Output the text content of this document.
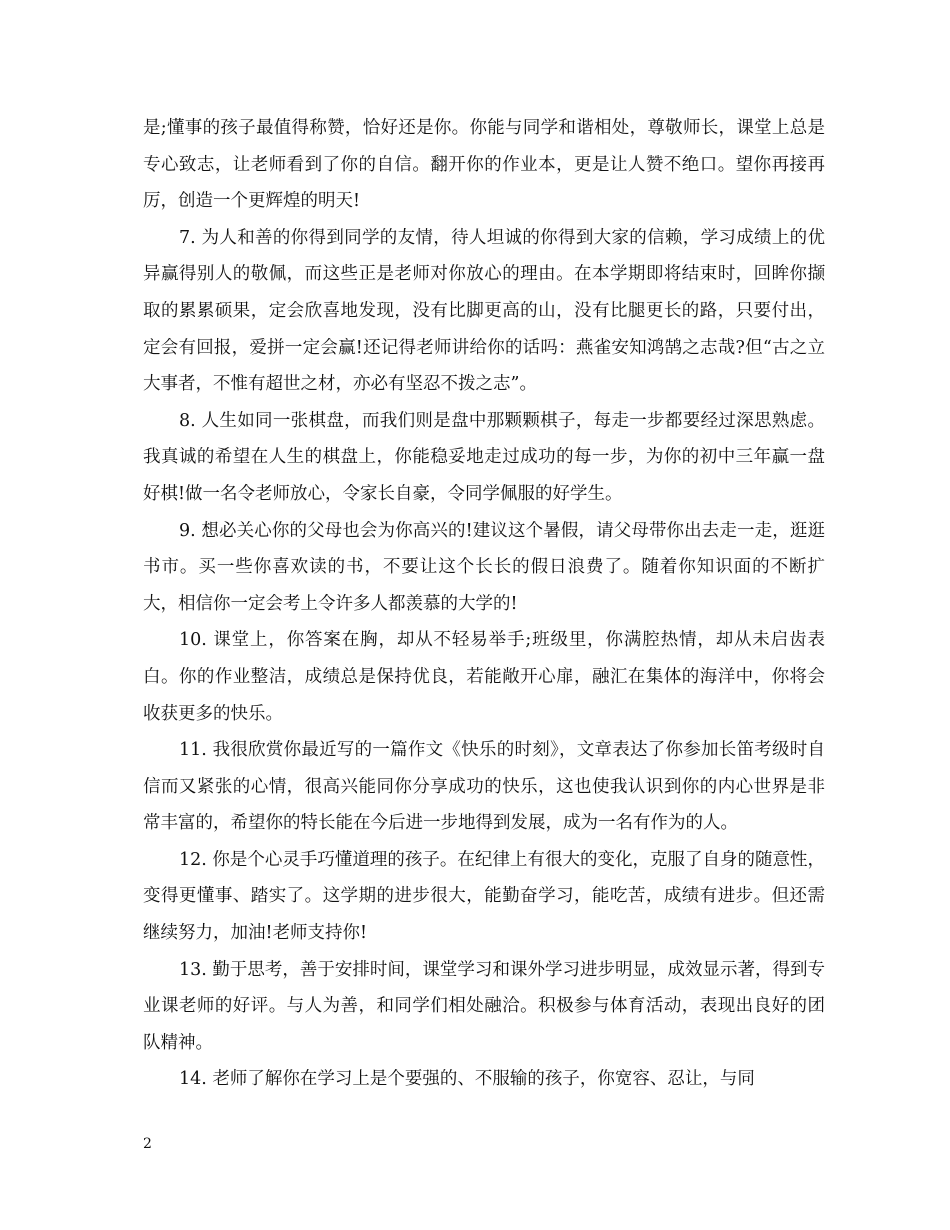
是;懂事的孩子最值得称赞，恰好还是你。你能与同学和谐相处，尊敬师长，课堂上总是专心致志，让老师看到了你的自信。翻开你的作业本，更是让人赞不绝口。望你再接再厉，创造一个更辉煌的明天!

7. 为人和善的你得到同学的友情，待人坦诚的你得到大家的信赖，学习成绩上的优异赢得别人的敬佩，而这些正是老师对你放心的理由。在本学期即将结束时，回眸你撷取的累累硕果，定会欣喜地发现，没有比脚更高的山，没有比腿更长的路，只要付出，定会有回报，爱拼一定会赢!还记得老师讲给你的话吗：燕雀安知鸿鹄之志哉?但“古之立大事者，不惟有超世之材，亦必有坚忍不拨之志”。

8. 人生如同一张棋盘，而我们则是盘中那颗颗棋子，每走一步都要经过深思熟虑。我真诚的希望在人生的棋盘上，你能稳妥地走过成功的每一步，为你的初中三年赢一盘好棋!做一名令老师放心，令家长自豪，令同学佩服的好学生。

9. 想必关心你的父母也会为你高兴的!建议这个暑假，请父母带你出去走一走，逛逛书市。买一些你喜欢读的书，不要让这个长长的假日浪费了。随着你知识面的不断扩大，相信你一定会考上令许多人都羡慕的大学的!

10. 课堂上，你答案在胸，却从不轻易举手;班级里，你满腔热情，却从未启齿表白。你的作业整洁，成绩总是保持优良，若能敞开心扉，融汇在集体的海洋中，你将会收获更多的快乐。

11. 我很欣赏你最近写的一篇作文《快乐的时刻》，文章表达了你参加长笛考级时自信而又紧张的心情，很高兴能同你分享成功的快乐，这也使我认识到你的内心世界是非常丰富的，希望你的特长能在今后进一步地得到发展，成为一名有作为的人。

12. 你是个心灵手巧懂道理的孩子。在纪律上有很大的变化，克服了自身的随意性，变得更懂事、踏实了。这学期的进步很大，能勤奋学习，能吃苦，成绩有进步。但还需继续努力，加油!老师支持你!

13. 勤于思考，善于安排时间，课堂学习和课外学习进步明显，成效显示著，得到专业课老师的好评。与人为善，和同学们相处融洽。积极参与体育活动，表现出良好的团队精神。

14. 老师了解你在学习上是个要强的、不服输的孩子，你宽容、忍让，与同

2
